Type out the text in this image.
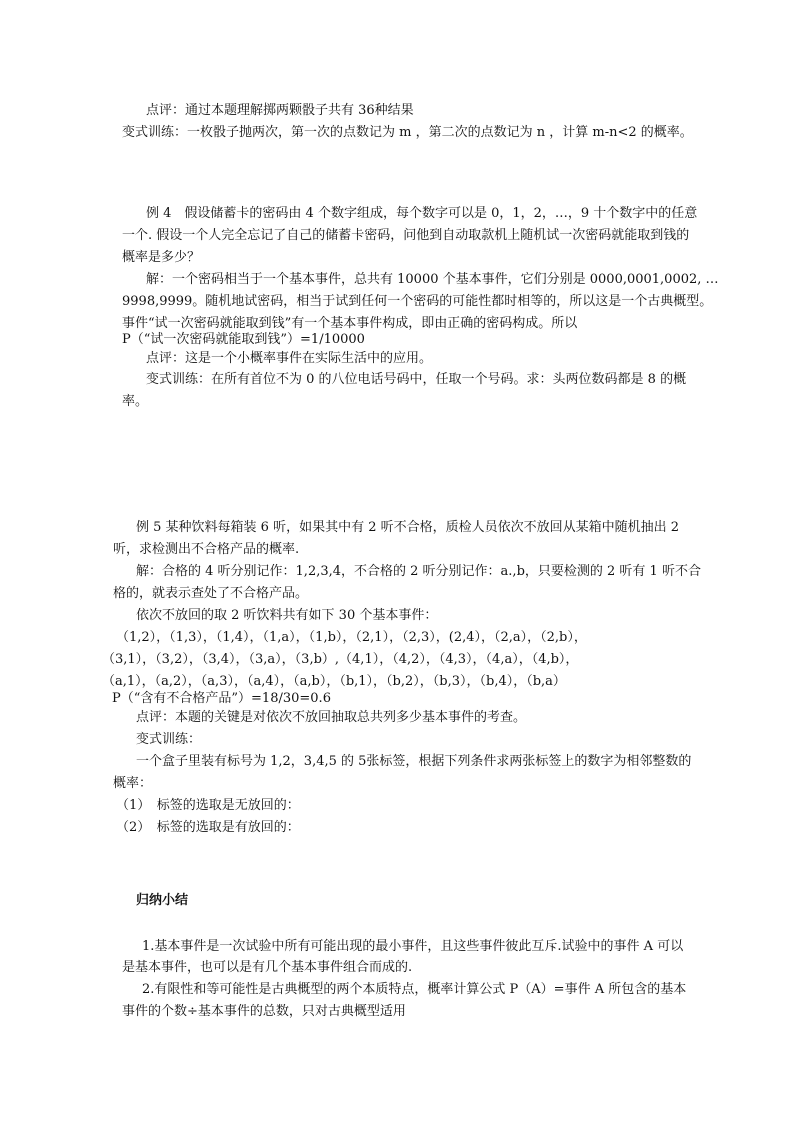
点评：通过本题理解掷两颗骰子共有 36种结果
变式训练：一枚骰子抛两次，第一次的点数记为 m ，第二次的点数记为 n ，计算 m-n<2 的概率。
例 4　假设储蓄卡的密码由 4 个数字组成，每个数字可以是 0，1，2，…，9 十个数字中的任意
一个. 假设一个人完全忘记了自己的储蓄卡密码，问他到自动取款机上随机试一次密码就能取到钱的
概率是多少？
解：一个密码相当于一个基本事件，总共有 10000 个基本事件，它们分别是 0000,0001,0002, …
9998,9999。随机地试密码，相当于试到任何一个密码的可能性都时相等的，所以这是一个古典概型。
事件“试一次密码就能取到钱”有一个基本事件构成，即由正确的密码构成。所以
P（“试一次密码就能取到钱”）=1/10000
点评：这是一个小概率事件在实际生活中的应用。
变式训练：在所有首位不为 0 的八位电话号码中，任取一个号码。求：头两位数码都是 8 的概
率。
例 5 某种饮料每箱装 6 听，如果其中有 2 听不合格，质检人员依次不放回从某箱中随机抽出 2
听，求检测出不合格产品的概率.
解：合格的 4 听分别记作：1,2,3,4，不合格的 2 听分别记作：a.,b，只要检测的 2 听有 1 听不合
格的，就表示查处了不合格产品。
依次不放回的取 2 听饮料共有如下 30 个基本事件：
（1,2），（1,3），（1,4），（1,a），（1,b），（2,1），（2,3），(2,4），（2,a），（2,b），
（3,1），（3,2），（3,4），（3,a），（3,b）,（4,1），（4,2），（4,3），（4,a），（4,b），
（a,1），（a,2），（a,3），（a,4），（a,b），（b,1），（b,2），（b,3），（b,4），（b,a）
P（“含有不合格产品”）=18/30=0.6
点评：本题的关键是对依次不放回抽取总共列多少基本事件的考查。
变式训练：
一个盒子里装有标号为 1,2，3,4,5 的 5张标签，根据下列条件求两张标签上的数字为相邻整数的
概率：
（1）　标签的选取是无放回的：
（2）　标签的选取是有放回的：
归纳小结
1.基本事件是一次试验中所有可能出现的最小事件，且这些事件彼此互斥.试验中的事件 A 可以
是基本事件，也可以是有几个基本事件组合而成的.
2.有限性和等可能性是古典概型的两个本质特点，概率计算公式 P（A）=事件 A 所包含的基本
事件的个数÷基本事件的总数，只对古典概型适用
